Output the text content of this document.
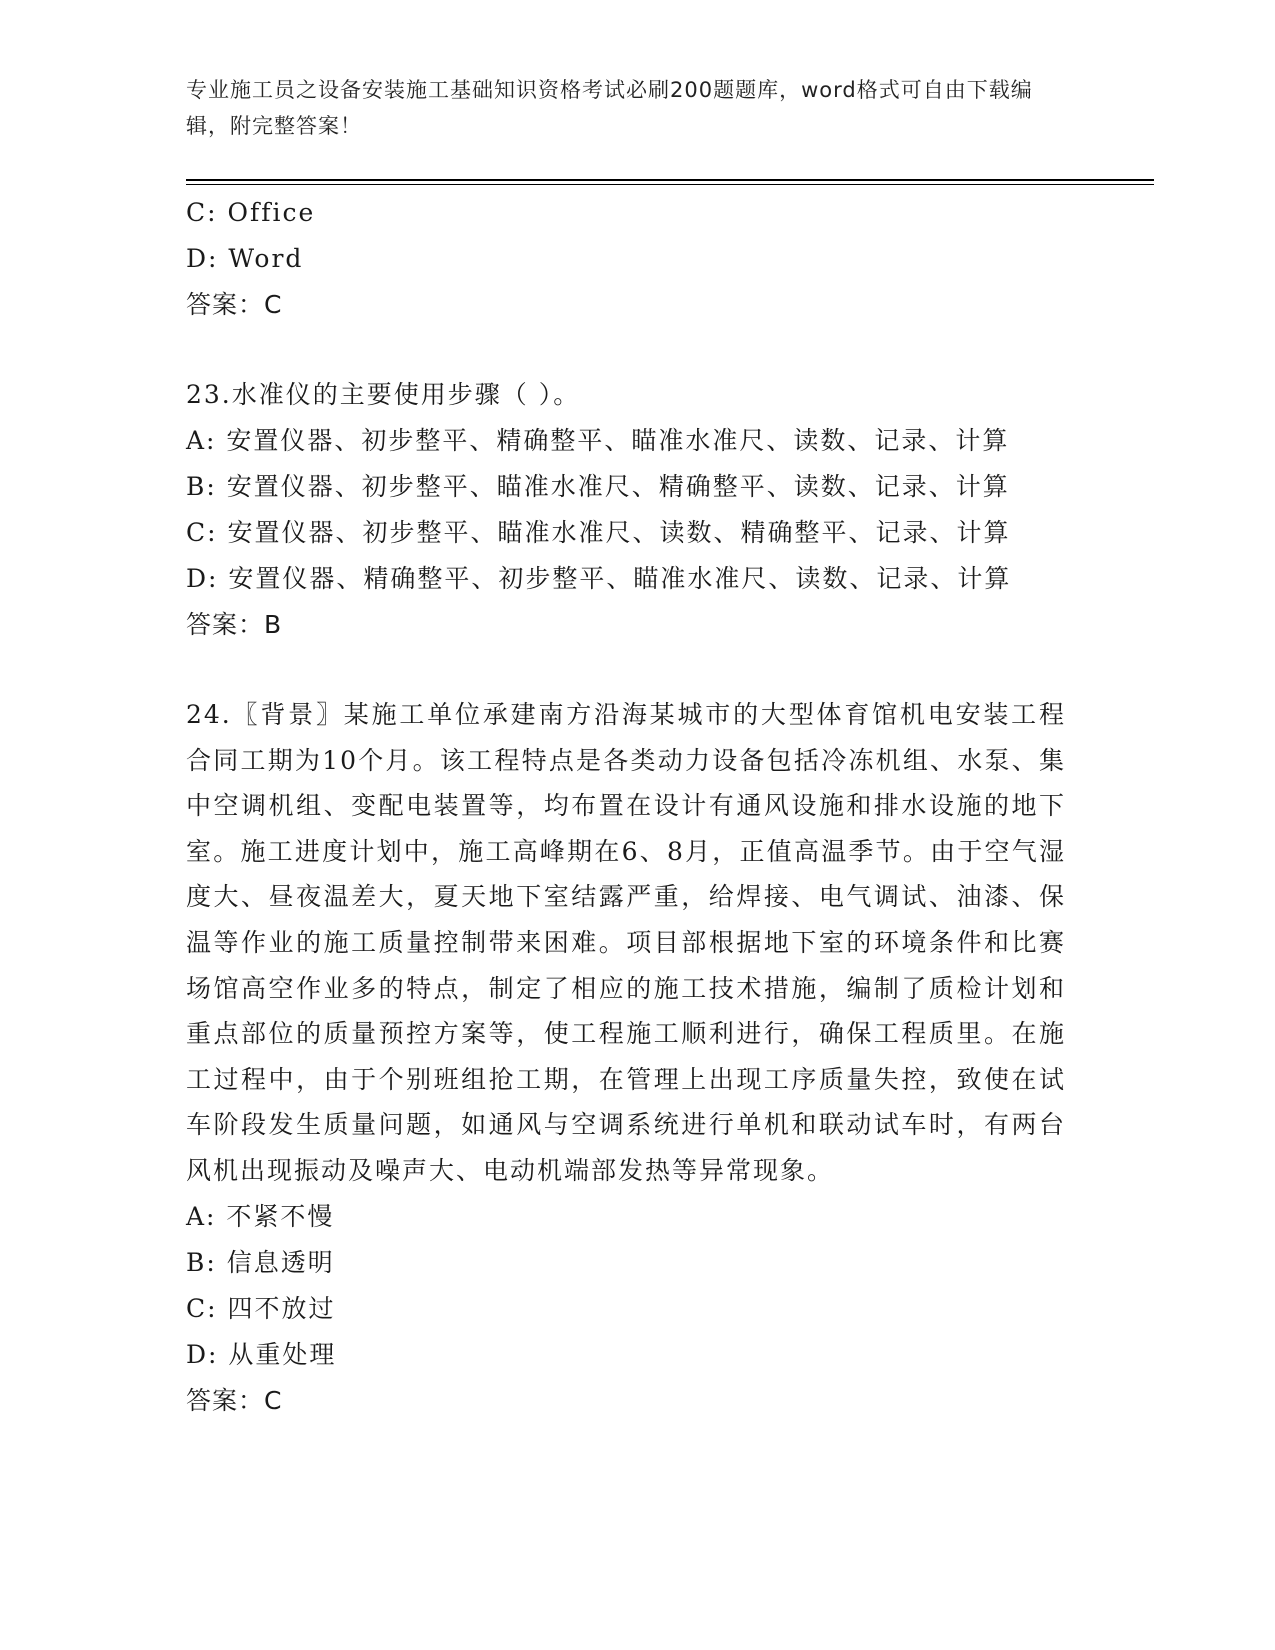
专业施工员之设备安装施工基础知识资格考试必刷200题题库，word格式可自由下载编辑，附完整答案！
C: Office
D: Word
答案：C
23.水准仪的主要使用步骤（ ）。
A: 安置仪器、初步整平、精确整平、瞄准水准尺、读数、记录、计算
B: 安置仪器、初步整平、瞄准水准尺、精确整平、读数、记录、计算
C: 安置仪器、初步整平、瞄准水准尺、读数、精确整平、记录、计算
D: 安置仪器、精确整平、初步整平、瞄准水准尺、读数、记录、计算
答案：B
24.〖背景〗某施工单位承建南方沿海某城市的大型体育馆机电安装工程合同工期为10个月。该工程特点是各类动力设备包括冷冻机组、水泵、集中空调机组、变配电装置等，均布置在设计有通风设施和排水设施的地下室。施工进度计划中，施工高峰期在6、8月，正值高温季节。由于空气湿度大、昼夜温差大，夏天地下室结露严重，给焊接、电气调试、油漆、保温等作业的施工质量控制带来困难。项目部根据地下室的环境条件和比赛场馆高空作业多的特点，制定了相应的施工技术措施，编制了质检计划和重点部位的质量预控方案等，使工程施工顺利进行，确保工程质里。在施工过程中，由于个别班组抢工期，在管理上出现工序质量失控，致使在试车阶段发生质量问题，如通风与空调系统进行单机和联动试车时，有两台风机出现振动及噪声大、电动机端部发热等异常现象。
A: 不紧不慢
B: 信息透明
C: 四不放过
D: 从重处理
答案：C
